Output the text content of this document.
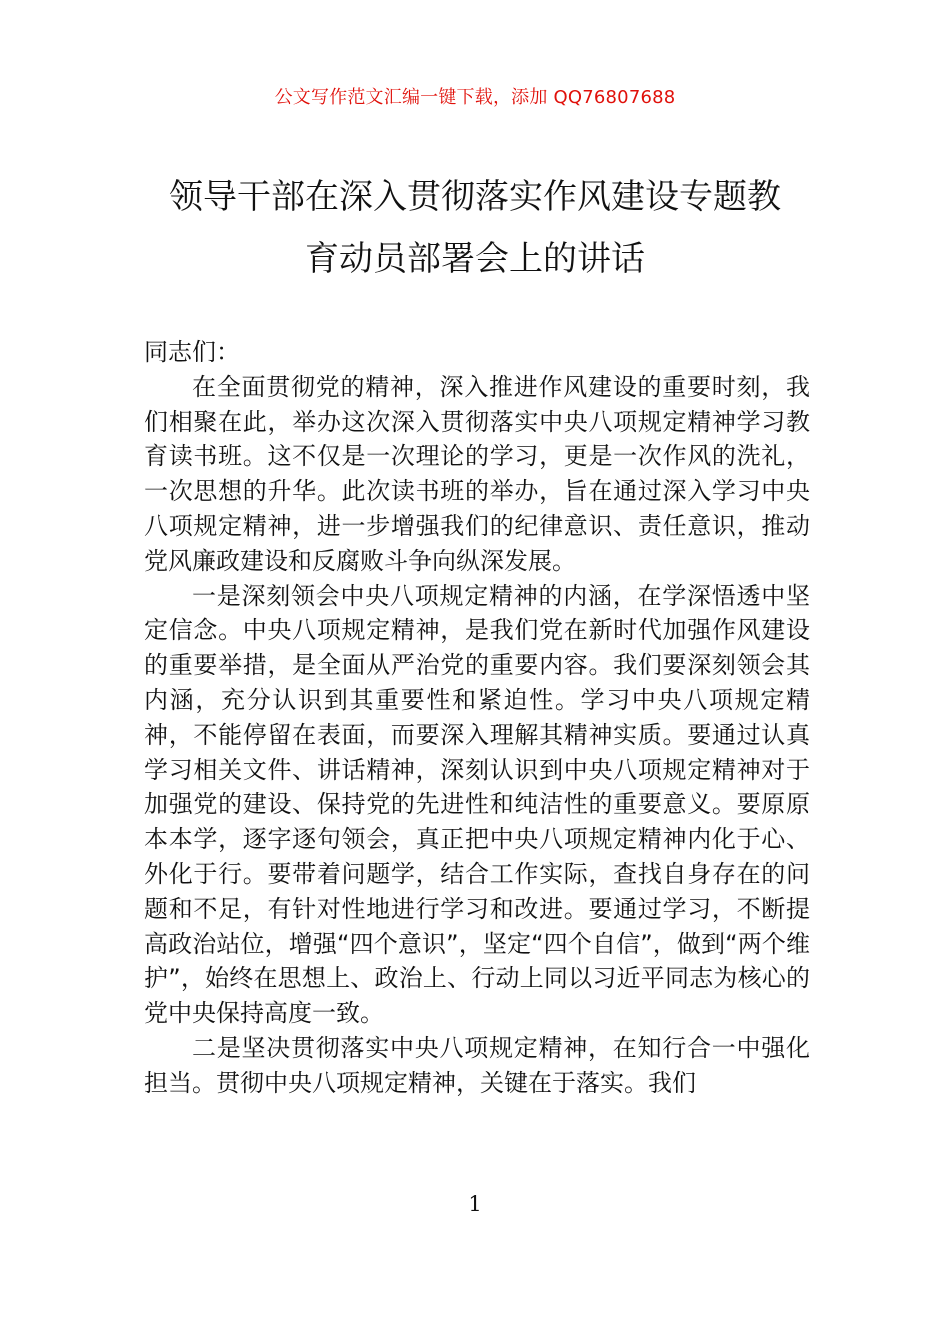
公文写作范文汇编一键下载，添加 QQ76807688
领导干部在深入贯彻落实作风建设专题教
育动员部署会上的讲话

同志们：

在全面贯彻党的精神，深入推进作风建设的重要时刻，我们相聚在此，举办这次深入贯彻落实中央八项规定精神学习教育读书班。这不仅是一次理论的学习，更是一次作风的洗礼，一次思想的升华。此次读书班的举办，旨在通过深入学习中央八项规定精神，进一步增强我们的纪律意识、责任意识，推动党风廉政建设和反腐败斗争向纵深发展。

一是深刻领会中央八项规定精神的内涵，在学深悟透中坚定信念。中央八项规定精神，是我们党在新时代加强作风建设的重要举措，是全面从严治党的重要内容。我们要深刻领会其内涵，充分认识到其重要性和紧迫性。学习中央八项规定精神，不能停留在表面，而要深入理解其精神实质。要通过认真学习相关文件、讲话精神，深刻认识到中央八项规定精神对于加强党的建设、保持党的先进性和纯洁性的重要意义。要原原本本学，逐字逐句领会，真正把中央八项规定精神内化于心、外化于行。要带着问题学，结合工作实际，查找自身存在的问题和不足，有针对性地进行学习和改进。要通过学习，不断提高政治站位，增强“四个意识”，坚定“四个自信”，做到“两个维护”，始终在思想上、政治上、行动上同以习近平同志为核心的党中央保持高度一致。

二是坚决贯彻落实中央八项规定精神，在知行合一中强化担当。贯彻中央八项规定精神，关键在于落实。我们

1
